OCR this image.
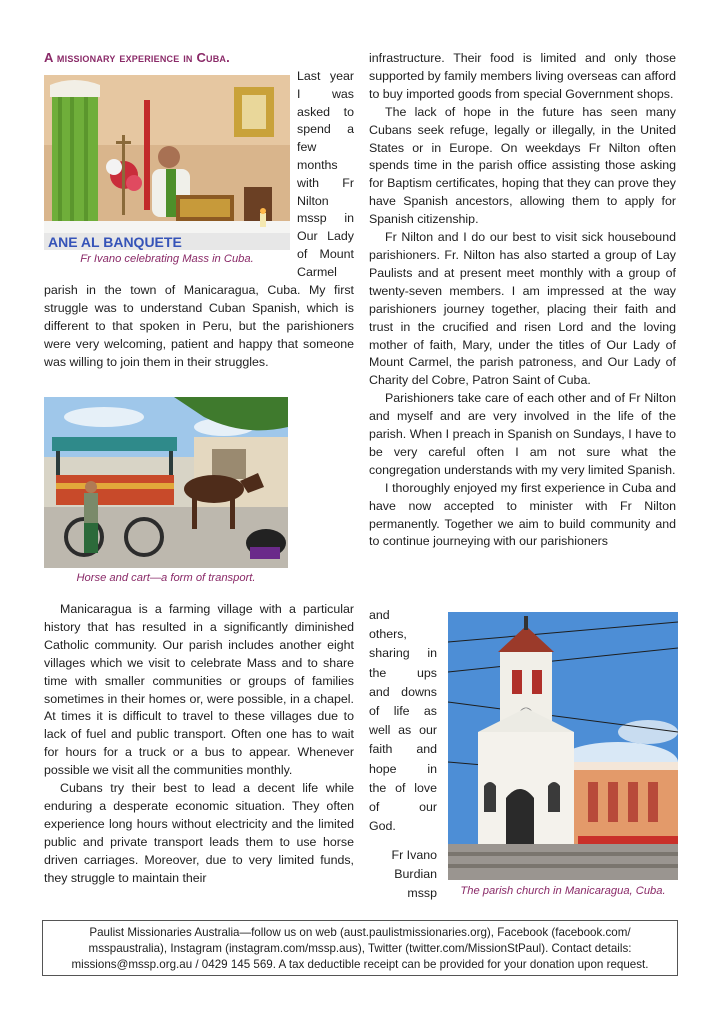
A missionary experience in Cuba.
ANE AL BANQUETE
Fr Ivano celebrating Mass in Cuba.
Last year I was asked to spend a few months with Fr Nilton mssp in Our Lady of Mount Carmel

parish in the town of Manicaragua, Cuba. My first struggle was to understand Cuban Spanish, which is different to that spoken in Peru, but the parishioners were very welcoming, patient and happy that someone was willing to join them in their struggles.

Horse and cart—a form of transport.

Manicaragua is a farming village with a particular history that has resulted in a significantly diminished Catholic community. Our parish includes another eight villages which we visit to celebrate Mass and to share time with smaller communities or groups of families sometimes in their homes or, were possible, in a chapel. At times it is difficult to travel to these villages due to lack of fuel and public transport. Often one has to wait for hours for a truck or a bus to appear. Whenever possible we visit all the communities monthly.

Cubans try their best to lead a decent life while enduring a desperate economic situation. They often experience long hours without electricity and the limited public and private transport leads them to use horse driven carriages. Moreover, due to very limited funds, they struggle to maintain their

infrastructure. Their food is limited and only those supported by family members living overseas can afford to buy imported goods from special Government shops.

The lack of hope in the future has seen many Cubans seek refuge, legally or illegally, in the United States or in Europe. On weekdays Fr Nilton often spends time in the parish office assisting those asking for Baptism certificates, hoping that they can prove they have Spanish ancestors, allowing them to apply for Spanish citizenship.

Fr Nilton and I do our best to visit sick housebound parishioners. Fr. Nilton has also started a group of Lay Paulists and at present meet monthly with a group of twenty-seven members. I am impressed at the way parishioners journey together, placing their faith and trust in the crucified and risen Lord and the loving mother of faith, Mary, under the titles of Our Lady of Mount Carmel, the parish patroness, and Our Lady of Charity del Cobre, Patron Saint of Cuba.

Parishioners take care of each other and of Fr Nilton and myself and are very involved in the life of the parish. When I preach in Spanish on Sundays, I have to be very careful often I am not sure what the congregation understands with my very limited Spanish.

I thoroughly enjoyed my first experience in Cuba and have now accepted to minister with Fr Nilton permanently. Together we aim to build community and to continue journeying with our parishioners

and
others,
sharing in
the ups
and downs
of life as
well as our
faith and
hope in
the of love
of our
God.
Fr Ivano
Burdian
mssp	The parish church in Manicaragua, Cuba.
Paulist Missionaries Australia—follow us on web (aust.paulistmissionaries.org), Facebook (facebook.com/
msspaustralia), Instagram (instagram.com/mssp.aus), Twitter (twitter.com/MissionStPaul). Contact details:
missions@mssp.org.au / 0429 145 569. A tax deductible receipt can be provided for your donation upon request.
